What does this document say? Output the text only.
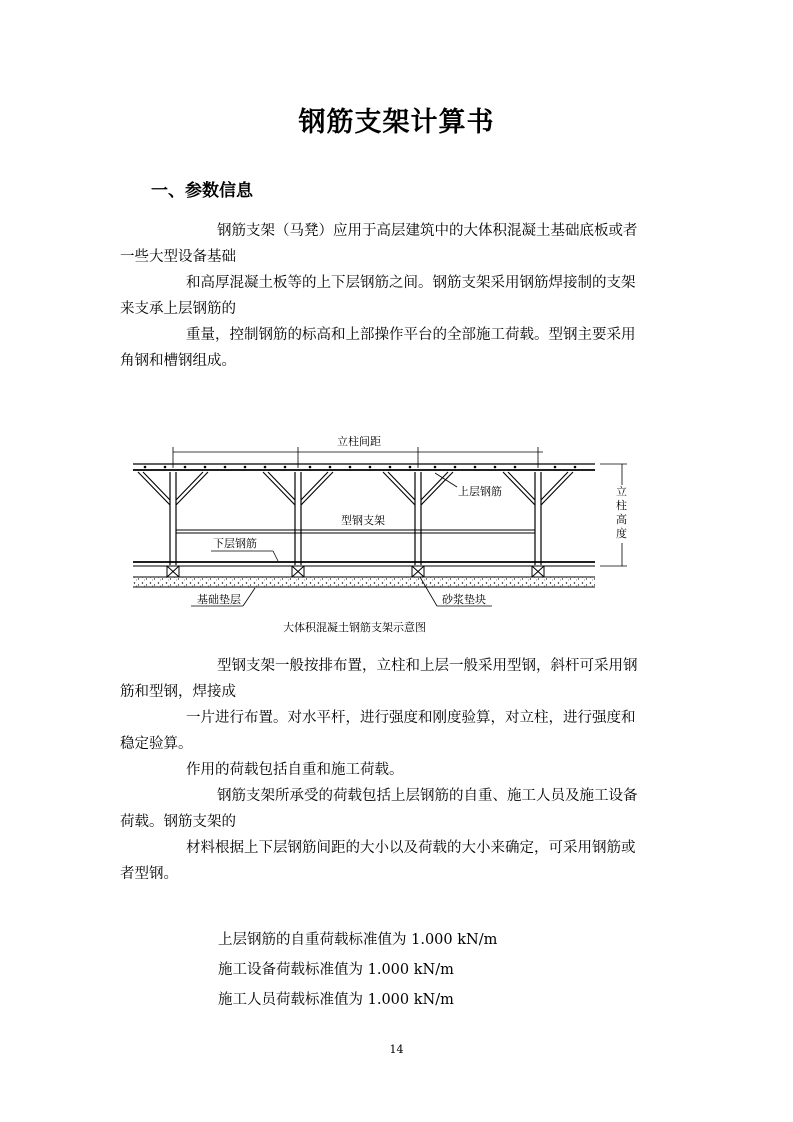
钢筋支架计算书
一、参数信息
钢筋支架（马凳）应用于高层建筑中的大体积混凝土基础底板或者
一些大型设备基础
和高厚混凝土板等的上下层钢筋之间。钢筋支架采用钢筋焊接制的支架
来支承上层钢筋的
重量，控制钢筋的标高和上部操作平台的全部施工荷载。型钢主要采用
角钢和槽钢组成。
立柱间距
立
柱
高
度
上层钢筋
型钢支架
下层钢筋
基础垫层	砂浆垫块
大体积混凝土钢筋支架示意图
型钢支架一般按排布置，立柱和上层一般采用型钢，斜杆可采用钢
筋和型钢，焊接成
一片进行布置。对水平杆，进行强度和刚度验算，对立柱，进行强度和
稳定验算。
作用的荷载包括自重和施工荷载。
钢筋支架所承受的荷载包括上层钢筋的自重、施工人员及施工设备
荷载。钢筋支架的
材料根据上下层钢筋间距的大小以及荷载的大小来确定，可采用钢筋或
者型钢。
上层钢筋的自重荷载标准值为 1.000 kN/m
施工设备荷载标准值为 1.000 kN/m
施工人员荷载标准值为 1.000 kN/m
14
